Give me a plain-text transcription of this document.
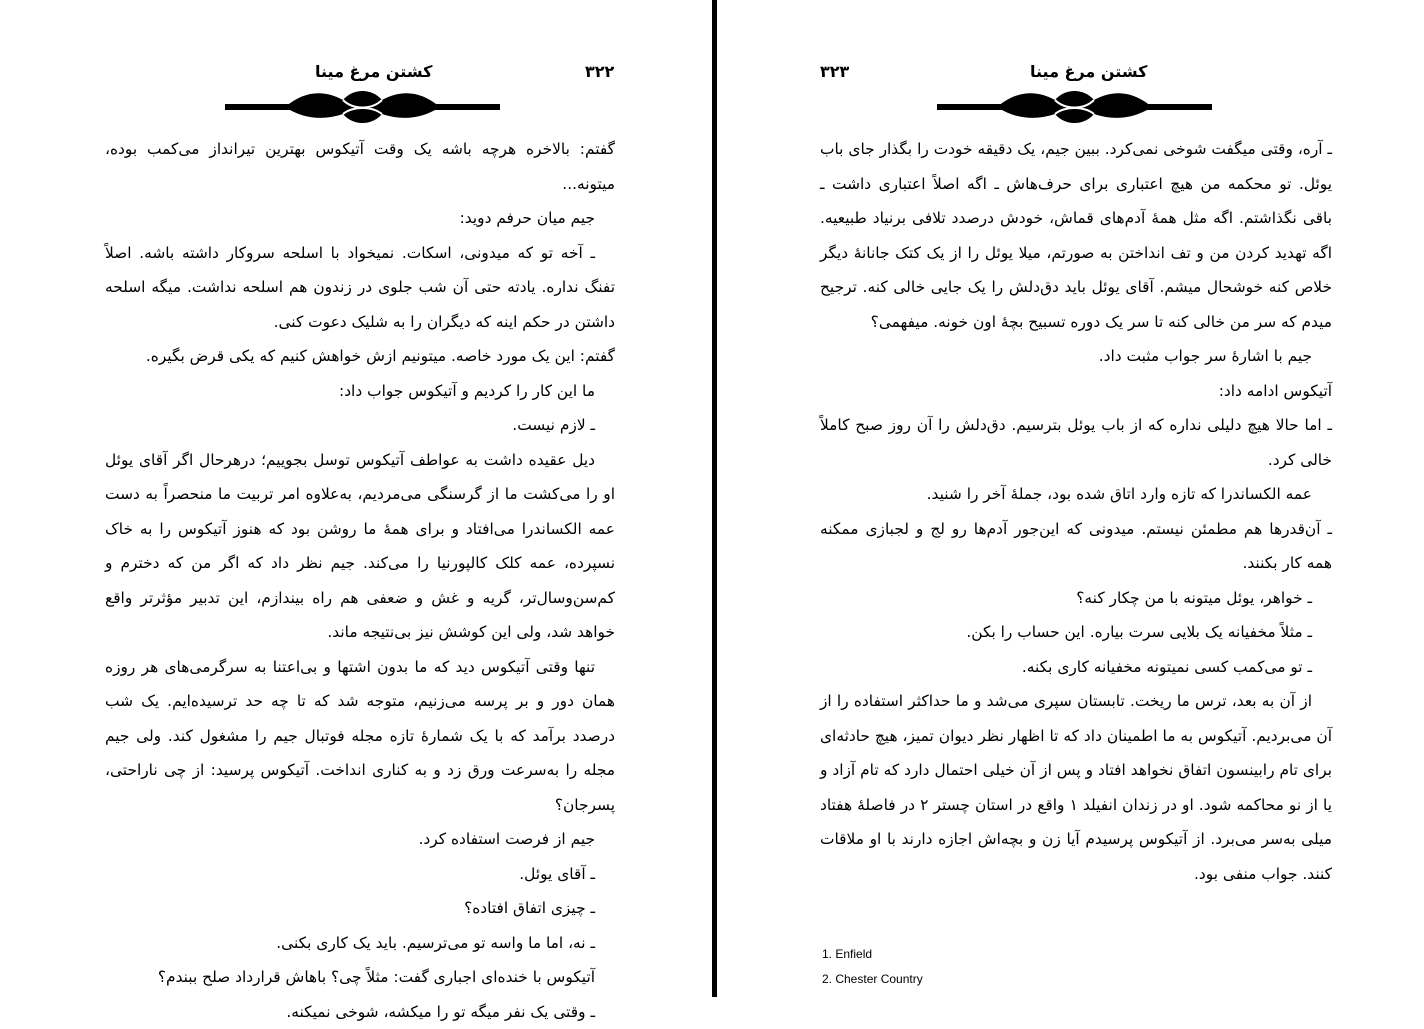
۳۲۲
کشتن مرغ مینا

گفتم: بالاخره هرچه باشه یک وقت آتیکوس بهترین تیرانداز می‌کمب بوده، میتونه...

جیم میان حرفم دوید:

ـ آخه تو که میدونی، اسکات. نمیخواد با اسلحه سروکار داشته باشه. اصلاً تفنگ نداره. یادته حتی آن شب جلوی در زندون هم اسلحه نداشت. میگه اسلحه داشتن در حکم اینه که دیگران را به شلیک دعوت کنی.

گفتم: این یک مورد خاصه. میتونیم ازش خواهش کنیم که یکی قرض بگیره.

ما این کار را کردیم و آتیکوس جواب داد:

ـ لازم نیست.

دیل عقیده داشت به عواطف آتیکوس توسل بجوییم؛ درهرحال اگر آقای یوئل او را می‌کشت ما از گرسنگی می‌مردیم، به‌علاوه امر تربیت ما منحصراً به دست عمه الکساندرا می‌افتاد و برای همهٔ ما روشن بود که هنوز آتیکوس را به خاک نسپرده، عمه کلک کالپورنیا را می‌کند. جیم نظر داد که اگر من که دخترم و کم‌سن‌وسال‌تر، گریه و غش و ضعفی هم راه بیندازم، این تدبیر مؤثرتر واقع خواهد شد، ولی این کوشش نیز بی‌نتیجه ماند.

تنها وقتی آتیکوس دید که ما بدون اشتها و بی‌اعتنا به سرگرمی‌های هر روزه همان دور و بر پرسه می‌زنیم، متوجه شد که تا چه حد ترسیده‌ایم. یک شب درصدد برآمد که با یک شمارهٔ تازه مجله فوتبال جیم را مشغول کند. ولی جیم مجله را به‌سرعت ورق زد و به کناری انداخت. آتیکوس پرسید: از چی ناراحتی، پسرجان؟

جیم از فرصت استفاده کرد.

ـ آقای یوئل.

ـ چیزی اتفاق افتاده؟

ـ نه، اما ما واسه تو می‌ترسیم. باید یک کاری بکنی.

آتیکوس با خنده‌ای اجباری گفت: مثلاً چی؟ باهاش قرارداد صلح ببندم؟

ـ وقتی یک نفر میگه تو را میکشه، شوخی نمیکنه.

۳۲۳	کشتن مرغ مینا

ـ آره، وقتی میگفت شوخی نمی‌کرد. ببین جیم، یک دقیقه خودت را بگذار جای باب یوئل. تو محکمه من هیچ اعتباری برای حرف‌هاش ـ اگه اصلاً اعتباری داشت ـ باقی نگذاشتم. اگه مثل همهٔ آدم‌های قماش، خودش درصدد تلافی برنیاد طبیعیه. اگه تهدید کردن من و تف انداختن به صورتم، میلا یوئل را از یک کتک جانانهٔ دیگر خلاص کنه خوشحال میشم. آقای یوئل باید دق‌دلش را یک جایی خالی کنه. ترجیح میدم که سر من خالی کنه تا سر یک دوره تسبیح بچهٔ اون خونه. میفهمی؟

جیم با اشارهٔ سر جواب مثبت داد.

آتیکوس ادامه داد:

ـ اما حالا هیچ دلیلی نداره که از باب یوئل بترسیم. دق‌دلش را آن روز صبح کاملاً خالی کرد.

عمه الکساندرا که تازه وارد اتاق شده بود، جملهٔ آخر را شنید.

ـ آن‌قدرها هم مطمئن نیستم. میدونی که این‌جور آدم‌ها رو لج و لجبازی ممکنه همه کار بکنند.

ـ خواهر، یوئل میتونه با من چکار کنه؟

ـ مثلاً مخفیانه یک بلایی سرت بیاره. این حساب را بکن.

ـ تو می‌کمب کسی نمیتونه مخفیانه کاری بکنه.

از آن به بعد، ترس ما ریخت. تابستان سپری می‌شد و ما حداکثر استفاده را از آن می‌بردیم. آتیکوس به ما اطمینان داد که تا اظهار نظر دیوان تمیز، هیچ حادثه‌ای برای تام رابینسون اتفاق نخواهد افتاد و پس از آن خیلی احتمال دارد که تام آزاد و یا از نو محاکمه شود. او در زندان انفیلد ۱ واقع در استان چستر ۲ در فاصلهٔ هفتاد میلی به‌سر می‌برد. از آتیکوس پرسیدم آیا زن و بچه‌اش اجازه دارند با او ملاقات کنند. جواب منفی بود.

1. Enfield
2. Chester Country
